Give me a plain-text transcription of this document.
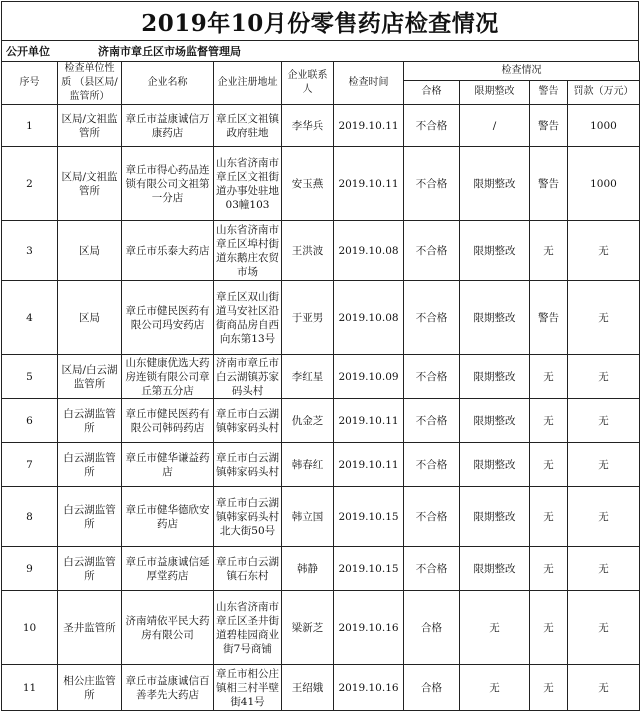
2019年10月份零售药店检查情况
公开单位	济南市章丘区市场监督管理局
序号	检查单位性质 （县区局/监管所）	企业名称	企业注册地址	企业联系人	检查时间	检查情况			
						合格	限期整改	警告	罚款（万元）
1	区局/文祖监管所	章丘市益康诚信万康药店	章丘区文祖镇政府驻地	李华兵	2019.10.11	不合格	/	警告	1000
2	区局/文祖监管所	章丘市得心药品连锁有限公司文祖第一分店	山东省济南市章丘区文祖街道办事处驻地03幢103	安玉燕	2019.10.11	不合格	限期整改	警告	1000
3	区局	章丘市乐泰大药店	山东省济南市章丘区埠村街道东鹅庄农贸市场	王洪波	2019.10.08	不合格	限期整改	无	无
4	区局	章丘市健民医药有限公司玛安药店	章丘区双山街道马安社区沿街商品房自西向东第13号	于亚男	2019.10.08	不合格	限期整改	警告	无
5	区局/白云湖监管所	山东健康优选大药房连锁有限公司章丘第五分店	济南市章丘市白云湖镇苏家码头村	李红星	2019.10.09	不合格	限期整改	无	无
6	白云湖监管所	章丘市健民医药有限公司韩码药店	章丘市白云湖镇韩家码头村	仇金芝	2019.10.11	不合格	限期整改	无	无
7	白云湖监管所	章丘市健华谦益药店	章丘市白云湖镇韩家码头村	韩春红	2019.10.11	不合格	限期整改	无	无
8	白云湖监管所	章丘市健华德欣安药店	章丘市白云湖镇韩家码头村北大街50号	韩立国	2019.10.15	不合格	限期整改	无	无
9	白云湖监管所	章丘市益康诚信延厚堂药店	章丘市白云湖镇石东村	韩静	2019.10.15	不合格	限期整改	无	无
10	圣井监管所	济南靖依平民大药房有限公司	山东省济南市章丘区圣井街道碧桂园商业街7号商铺	梁新芝	2019.10.16	合格	无	无	无
11	相公庄监管所	章丘市益康诚信百善孝先大药店	章丘市相公庄镇相三村半壁街41号	王绍娥	2019.10.16	合格	无	无	无
